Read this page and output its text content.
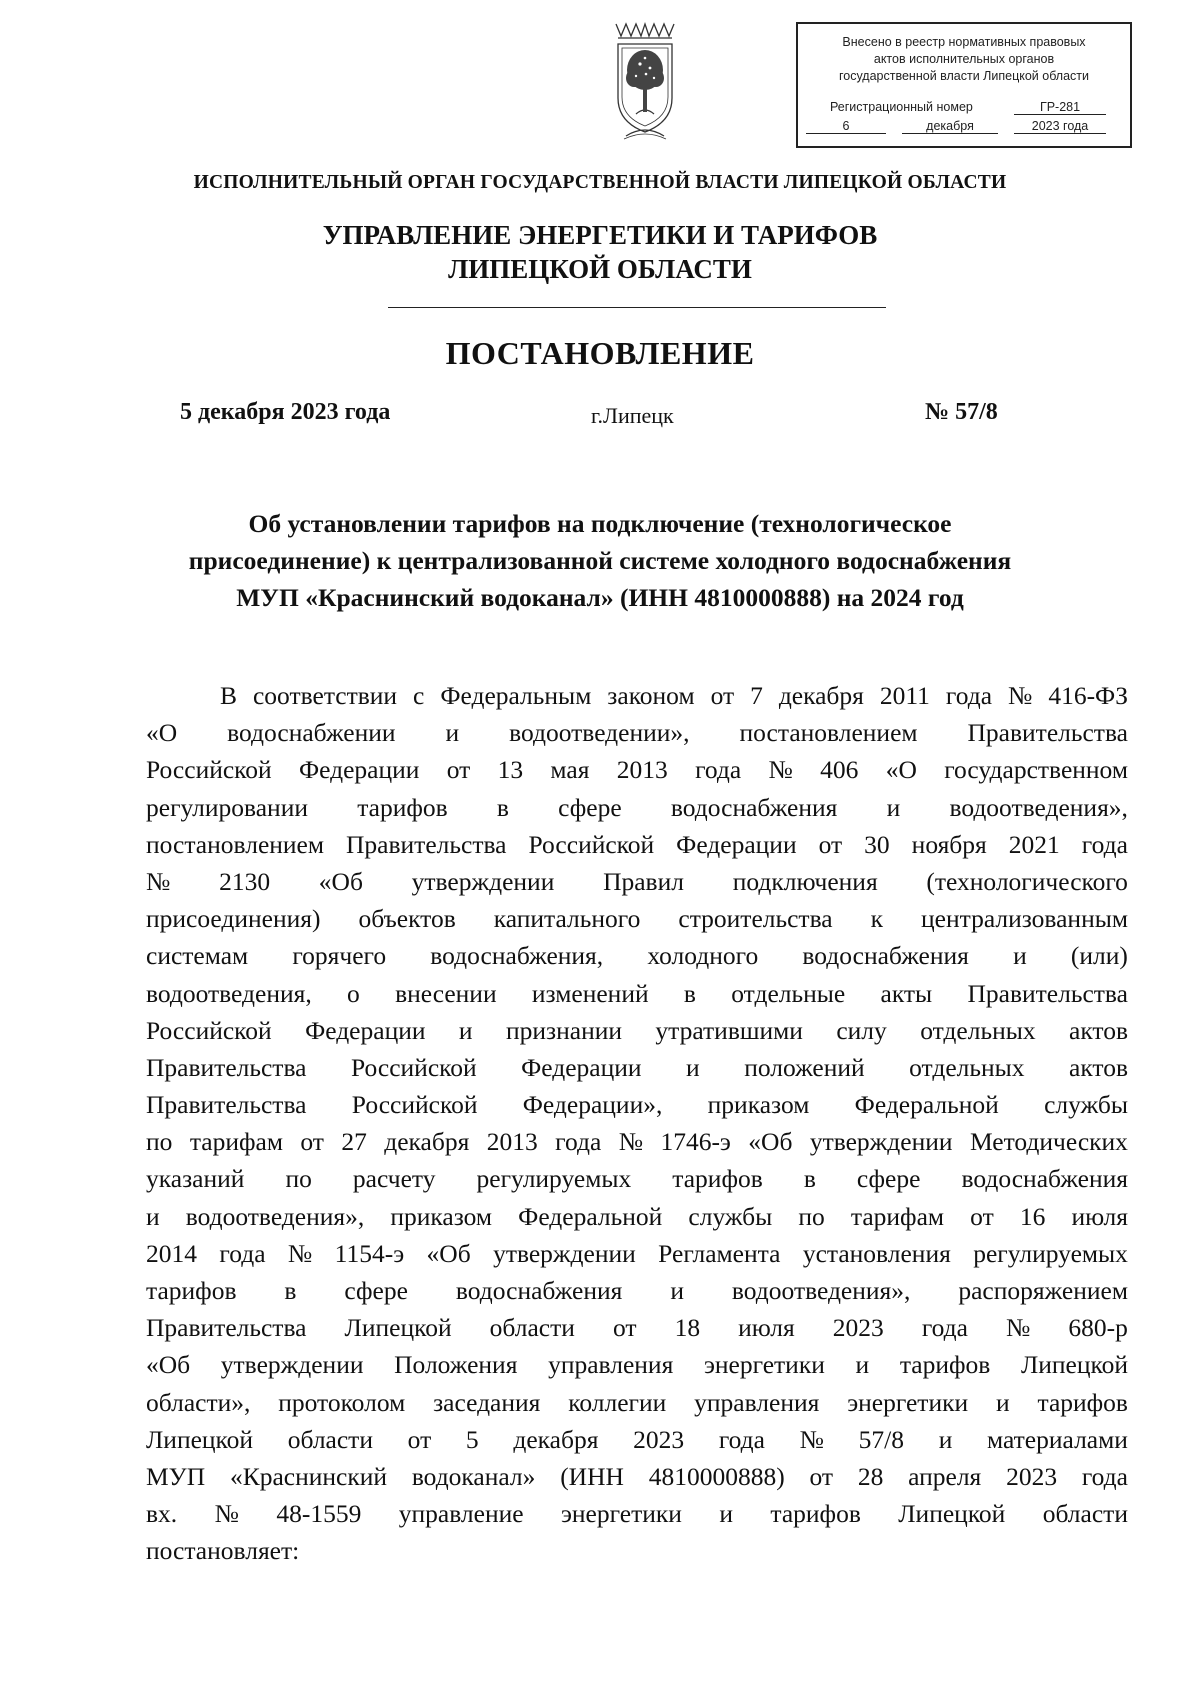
Внесено в реестр нормативных правовых
актов исполнительных органов
государственной власти Липецкой области
Регистрационный номер	ГР-281
6	декабря	2023 года
ИСПОЛНИТЕЛЬНЫЙ ОРГАН ГОСУДАРСТВЕННОЙ ВЛАСТИ ЛИПЕЦКОЙ ОБЛАСТИ
УПРАВЛЕНИЕ ЭНЕРГЕТИКИ И ТАРИФОВ
ЛИПЕЦКОЙ ОБЛАСТИ
ПОСТАНОВЛЕНИЕ
5 декабря 2023 года	г.Липецк	№ 57/8
Об установлении тарифов на подключение (технологическое
присоединение) к централизованной системе холодного водоснабжения
МУП «Краснинский водоканал» (ИНН 4810000888) на 2024 год
В соответствии с Федеральным законом от 7 декабря 2011 года № 416-ФЗ
«О водоснабжении и водоотведении», постановлением Правительства
Российской Федерации от 13 мая 2013 года № 406 «О государственном
регулировании тарифов в сфере водоснабжения и водоотведения»,
постановлением Правительства Российской Федерации от 30 ноября 2021 года
№ 2130 «Об утверждении Правил подключения (технологического
присоединения) объектов капитального строительства к централизованным
системам горячего водоснабжения, холодного водоснабжения и (или)
водоотведения, о внесении изменений в отдельные акты Правительства
Российской Федерации и признании утратившими силу отдельных актов
Правительства Российской Федерации и положений отдельных актов
Правительства Российской Федерации», приказом Федеральной службы
по тарифам от 27 декабря 2013 года № 1746-э «Об утверждении Методических
указаний по расчету регулируемых тарифов в сфере водоснабжения
и водоотведения», приказом Федеральной службы по тарифам от 16 июля
2014 года № 1154-э «Об утверждении Регламента установления регулируемых
тарифов в сфере водоснабжения и водоотведения», распоряжением
Правительства Липецкой области от 18 июля 2023 года № 680-р
«Об утверждении Положения управления энергетики и тарифов Липецкой
области», протоколом заседания коллегии управления энергетики и тарифов
Липецкой области от 5 декабря 2023 года № 57/8 и материалами
МУП «Краснинский водоканал» (ИНН 4810000888) от 28 апреля 2023 года
вх. № 48-1559 управление энергетики и тарифов Липецкой области
постановляет:
